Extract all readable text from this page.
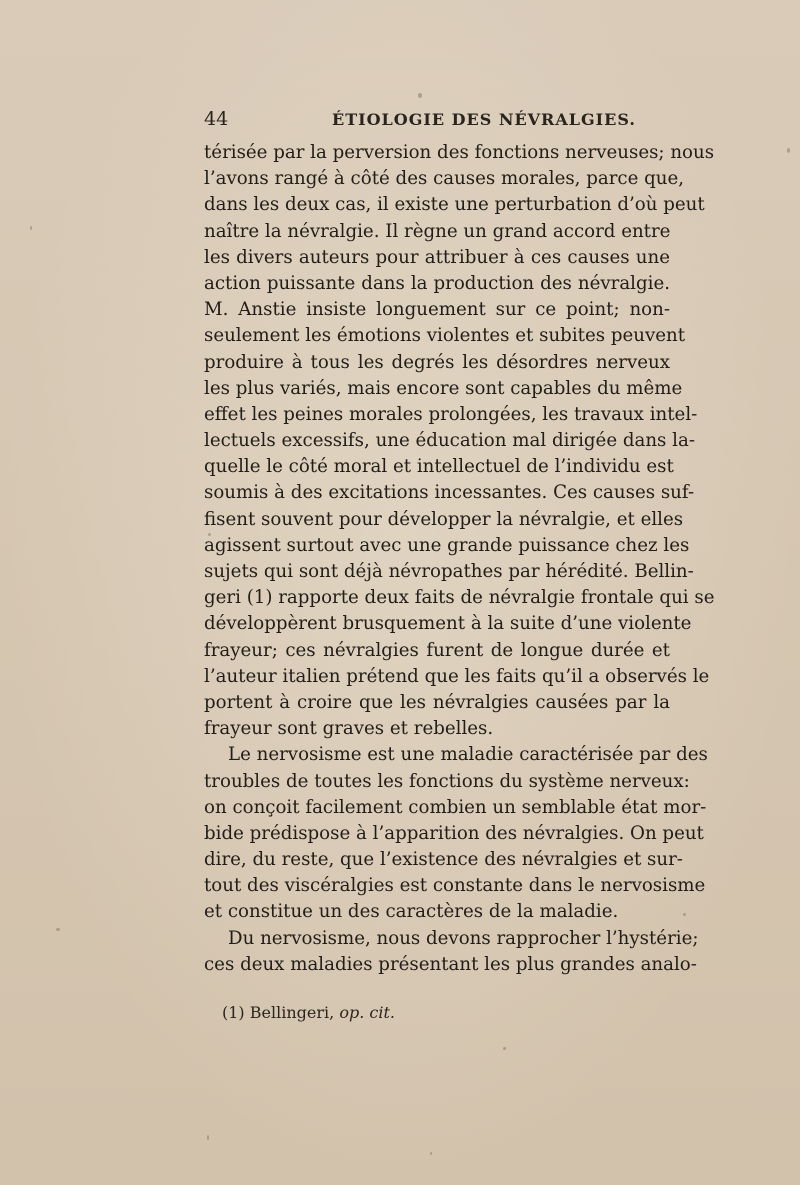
44	ÉTIOLOGIE DES NÉVRALGIES.
térisée par la perversion des fonctions nerveuses; nous
l’avons rangé à côté des causes morales, parce que,
dans les deux cas, il existe une perturbation d’où peut
naître la névralgie. Il règne un grand accord entre
les divers auteurs pour attribuer à ces causes une
action puissante dans la production des névralgie.
M. Anstie insiste longuement sur ce point; non-
seulement les émotions violentes et subites peuvent
produire à tous les degrés les désordres nerveux
les plus variés, mais encore sont capables du même
effet les peines morales prolongées, les travaux intel-
lectuels excessifs, une éducation mal dirigée dans la-
quelle le côté moral et intellectuel de l’individu est
soumis à des excitations incessantes. Ces causes suf-
fisent souvent pour développer la névralgie, et elles
agissent surtout avec une grande puissance chez les
sujets qui sont déjà névropathes par hérédité. Bellin-
geri (1) rapporte deux faits de névralgie frontale qui se
développèrent brusquement à la suite d’une violente
frayeur; ces névralgies furent de longue durée et
l’auteur italien prétend que les faits qu’il a observés le
portent à croire que les névralgies causées par la
frayeur sont graves et rebelles.
Le nervosisme est une maladie caractérisée par des
troubles de toutes les fonctions du système nerveux:
on conçoit facilement combien un semblable état mor-
bide prédispose à l’apparition des névralgies. On peut
dire, du reste, que l’existence des névralgies et sur-
tout des viscéralgies est constante dans le nervosisme
et constitue un des caractères de la maladie.
Du nervosisme, nous devons rapprocher l’hystérie;
ces deux maladies présentant les plus grandes analo-
(1) Bellingeri, op. cit.
